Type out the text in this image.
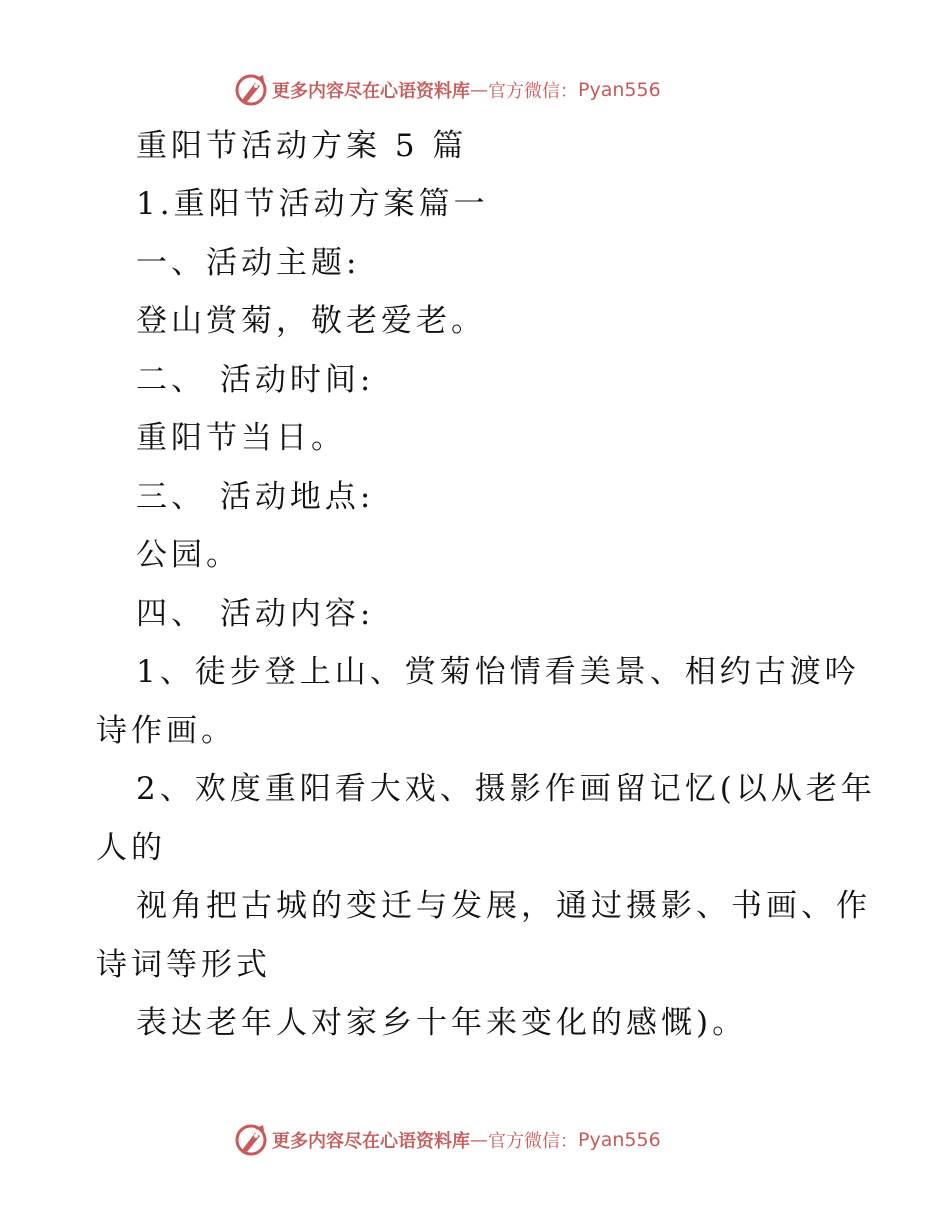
更多内容尽在心语资料库 — 官方微信： Pyan556
重阳节活动方案 5 篇
1.重阳节活动方案篇一
一、活动主题:
登山赏菊，敬老爱老。
二、 活动时间:
重阳节当日。
三、 活动地点:
公园。
四、 活动内容:
1、徒步登上山、赏菊怡情看美景、相约古渡吟
诗作画。
2、欢度重阳看大戏、摄影作画留记忆(以从老年
人的
视角把古城的变迁与发展，通过摄影、书画、作
诗词等形式
表达老年人对家乡十年来变化的感慨)。
更多内容尽在心语资料库 — 官方微信： Pyan556
